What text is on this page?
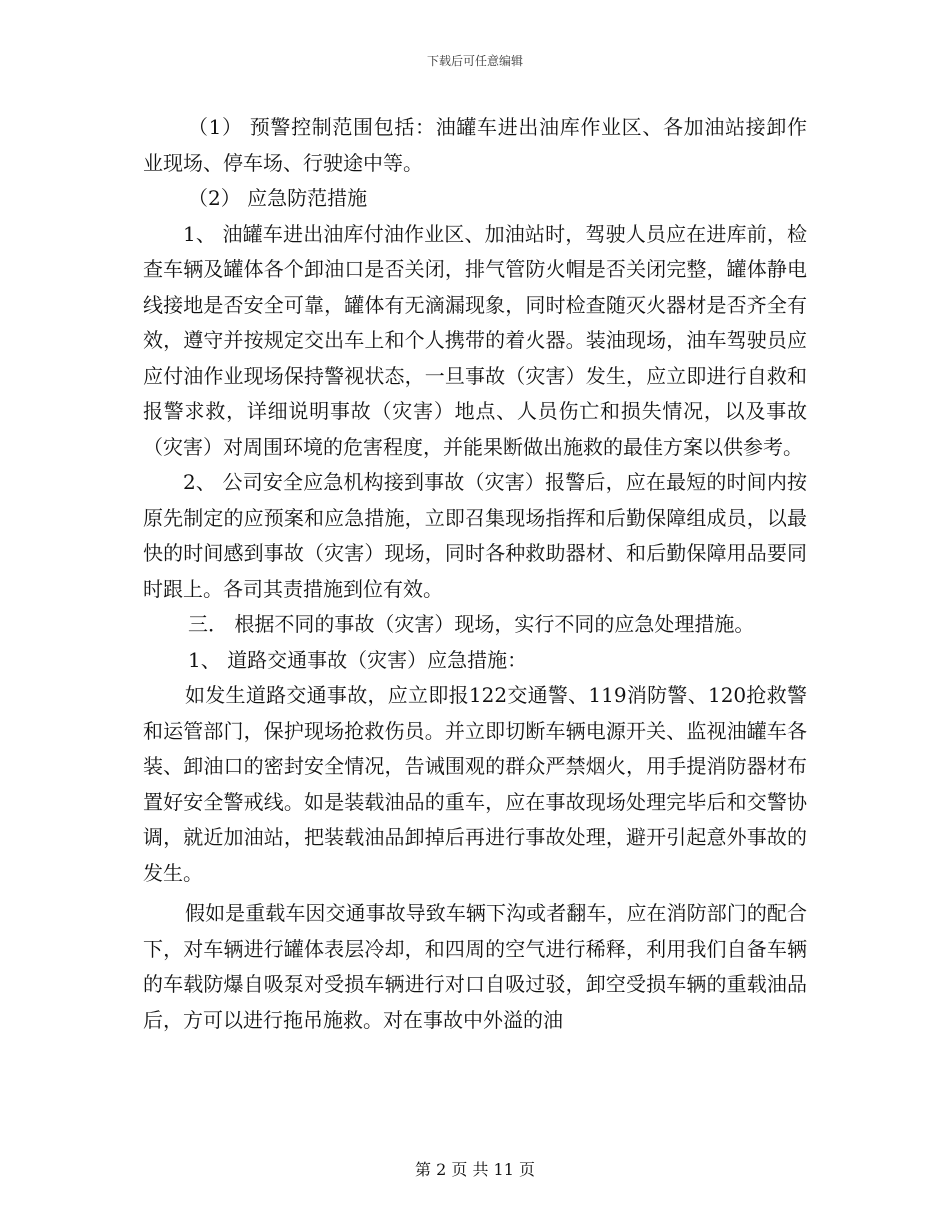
下载后可任意编辑

（1） 预警控制范围包括：油罐车进出油库作业区、各加油站接卸作业现场、停车场、行驶途中等。

（2） 应急防范措施

1、 油罐车进出油库付油作业区、加油站时，驾驶人员应在进库前，检查车辆及罐体各个卸油口是否关闭，排气管防火帽是否关闭完整，罐体静电线接地是否安全可靠，罐体有无滴漏现象，同时检查随灭火器材是否齐全有效，遵守并按规定交出车上和个人携带的着火器。装油现场，油车驾驶员应应付油作业现场保持警视状态，一旦事故（灾害）发生，应立即进行自救和报警求救，详细说明事故（灾害）地点、人员伤亡和损失情况，以及事故（灾害）对周围环境的危害程度，并能果断做出施救的最佳方案以供参考。

2、 公司安全应急机构接到事故（灾害）报警后，应在最短的时间内按原先制定的应预案和应急措施，立即召集现场指挥和后勤保障组成员，以最快的时间感到事故（灾害）现场，同时各种救助器材、和后勤保障用品要同时跟上。各司其责措施到位有效。

三． 根据不同的事故（灾害）现场，实行不同的应急处理措施。

1、 道路交通事故（灾害）应急措施：

如发生道路交通事故，应立即报122交通警、119消防警、120抢救警和运管部门，保护现场抢救伤员。并立即切断车辆电源开关、监视油罐车各装、卸油口的密封安全情况，告诫围观的群众严禁烟火，用手提消防器材布置好安全警戒线。如是装载油品的重车，应在事故现场处理完毕后和交警协调，就近加油站，把装载油品卸掉后再进行事故处理，避开引起意外事故的发生。

假如是重载车因交通事故导致车辆下沟或者翻车，应在消防部门的配合下，对车辆进行罐体表层冷却，和四周的空气进行稀释，利用我们自备车辆的车载防爆自吸泵对受损车辆进行对口自吸过驳，卸空受损车辆的重载油品后，方可以进行拖吊施救。对在事故中外溢的油

第 2 页 共 11 页
